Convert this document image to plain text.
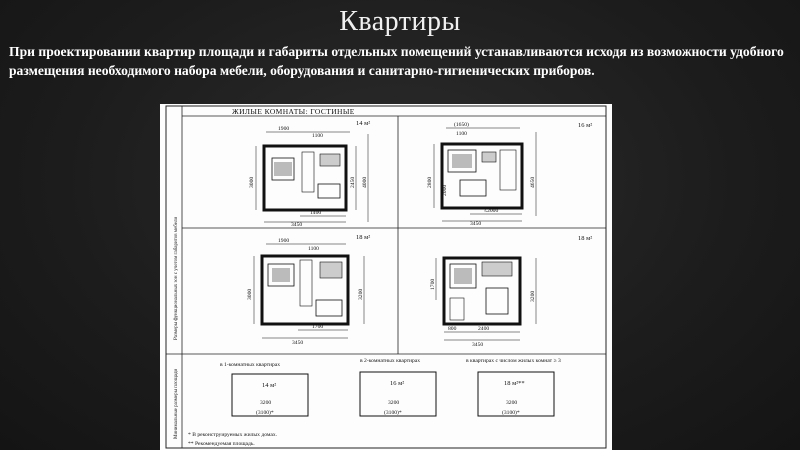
Квартиры
При проектировании квартир площади и габариты отдельных помещений устанавливаются исходя из возможности удобного размещения необходимого набора мебели, оборудования и санитарно-гигиенических приборов.
ЖИЛЫЕ КОМНАТЫ: ГОСТИНЫЕ
Размеры функциональных зон с учетом габаритов мебели
Минимальные размеры площади
14 м²
1900
1100
3000	2450 4000
1400
3450
16 м²
(1650)
1100
2800
2000
4650
≤2000
3450
18 м²
1900
1100
3000	3200
1700
3450
18 м²
1700
3200
800	2400
3450
в 1-комнатных квартирах
14 м²
3200
(3100)*
в 2-комнатных квартирах
16 м²
3200
(3100)*
в квартирах с числом жилых комнат ≥ 3
18 м²**
3200
(3100)*
* В реконструируемых жилых домах.
** Рекомендуемая площадь.
